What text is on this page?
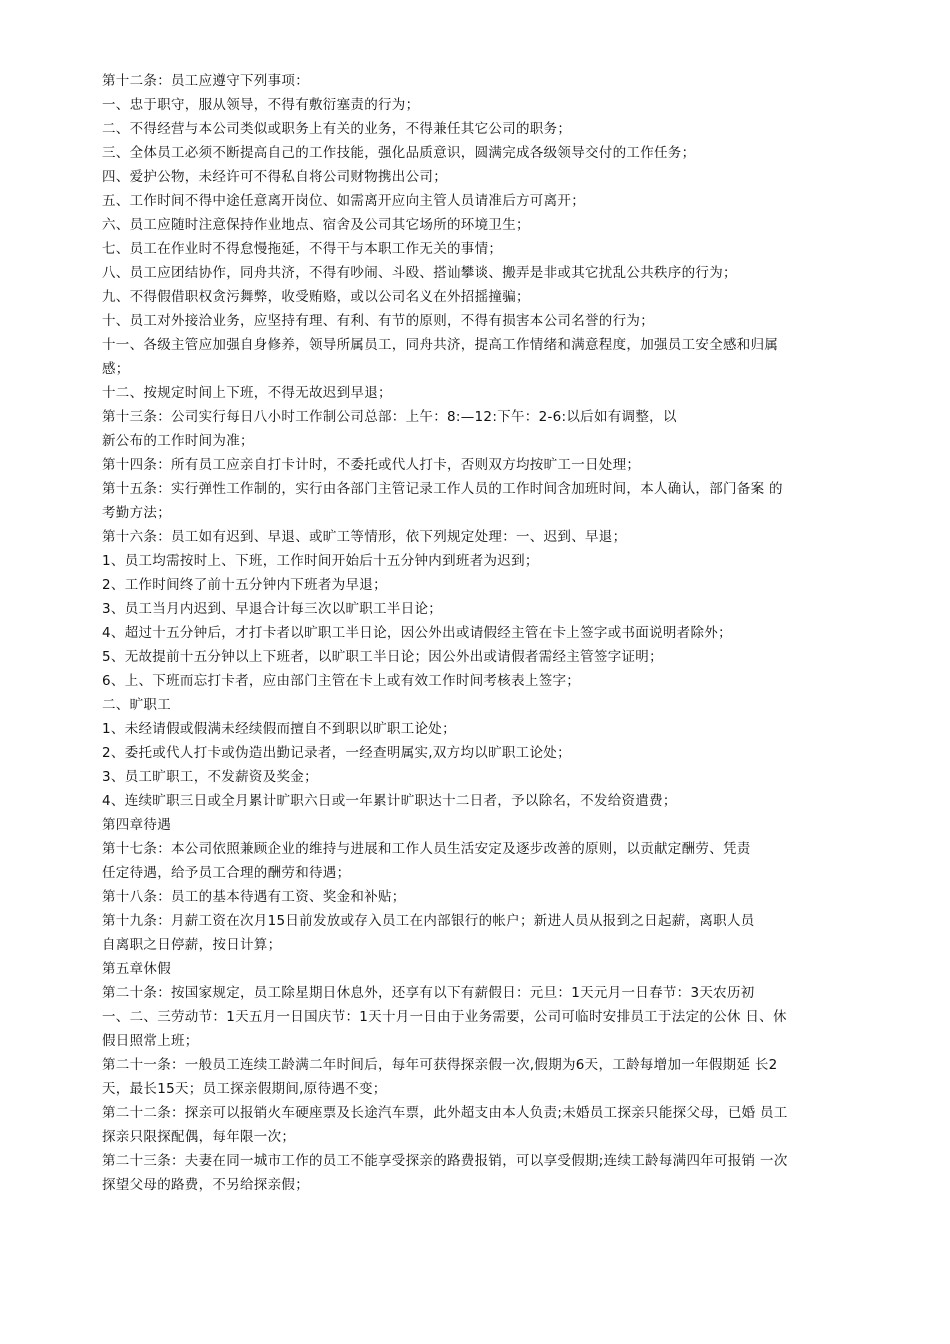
第十二条：员工应遵守下列事项：
一、忠于职守，服从领导，不得有敷衍塞责的行为；
二、不得经营与本公司类似或职务上有关的业务，不得兼任其它公司的职务；
三、全体员工必须不断提高自己的工作技能，强化品质意识，圆满完成各级领导交付的工作任务；
四、爱护公物，未经许可不得私自将公司财物携出公司；
五、工作时间不得中途任意离开岗位、如需离开应向主管人员请准后方可离开；
六、员工应随时注意保持作业地点、宿舍及公司其它场所的环境卫生；
七、员工在作业时不得怠慢拖延，不得干与本职工作无关的事情；
八、员工应团结协作，同舟共济，不得有吵闹、斗殴、搭讪攀谈、搬弄是非或其它扰乱公共秩序的行为；
九、不得假借职权贪污舞弊，收受贿赂，或以公司名义在外招摇撞骗；
十、员工对外接洽业务，应坚持有理、有利、有节的原则，不得有损害本公司名誉的行为；
十一、各级主管应加强自身修养，领导所属员工，同舟共济，提高工作情绪和满意程度，加强员工安全感和归属
感；
十二、按规定时间上下班，不得无故迟到早退；
第十三条：公司实行每日八小时工作制公司总部：上午：8:—12:下午：2-6:以后如有调整，以
新公布的工作时间为准；
第十四条：所有员工应亲自打卡计时，不委托或代人打卡，否则双方均按旷工一日处理；
第十五条：实行弹性工作制的，实行由各部门主管记录工作人员的工作时间含加班时间，本人确认，部门备案 的
考勤方法；
第十六条：员工如有迟到、早退、或旷工等情形，依下列规定处理：一、迟到、早退；
1、员工均需按时上、下班，工作时间开始后十五分钟内到班者为迟到；
2、工作时间终了前十五分钟内下班者为早退；
3、员工当月内迟到、早退合计每三次以旷职工半日论；
4、超过十五分钟后，才打卡者以旷职工半日论，因公外出或请假经主管在卡上签字或书面说明者除外；
5、无故提前十五分钟以上下班者，以旷职工半日论；因公外出或请假者需经主管签字证明；
6、上、下班而忘打卡者，应由部门主管在卡上或有效工作时间考核表上签字；
二、旷职工
1、未经请假或假满未经续假而擅自不到职以旷职工论处；
2、委托或代人打卡或伪造出勤记录者，一经查明属实,双方均以旷职工论处；
3、员工旷职工，不发薪资及奖金；
4、连续旷职三日或全月累计旷职六日或一年累计旷职达十二日者，予以除名，不发给资遣费；
第四章待遇
第十七条：本公司依照兼顾企业的维持与进展和工作人员生活安定及逐步改善的原则，以贡献定酬劳、凭责
任定待遇，给予员工合理的酬劳和待遇；
第十八条：员工的基本待遇有工资、奖金和补贴；
第十九条：月薪工资在次月15日前发放或存入员工在内部银行的帐户；新进人员从报到之日起薪，离职人员
自离职之日停薪，按日计算；
第五章休假
第二十条：按国家规定，员工除星期日休息外，还享有以下有薪假日：元旦：1天元月一日春节：3天农历初
一、二、三劳动节：1天五月一日国庆节：1天十月一日由于业务需要，公司可临时安排员工于法定的公休 日、休
假日照常上班；
第二十一条：一般员工连续工龄满二年时间后，每年可获得探亲假一次,假期为6天，工龄每增加一年假期延 长2
天，最长15天；员工探亲假期间,原待遇不变；
第二十二条：探亲可以报销火车硬座票及长途汽车票，此外超支由本人负责;未婚员工探亲只能探父母，已婚 员工
探亲只限探配偶，每年限一次；
第二十三条：夫妻在同一城市工作的员工不能享受探亲的路费报销，可以享受假期;连续工龄每满四年可报销 一次
探望父母的路费，不另给探亲假；
